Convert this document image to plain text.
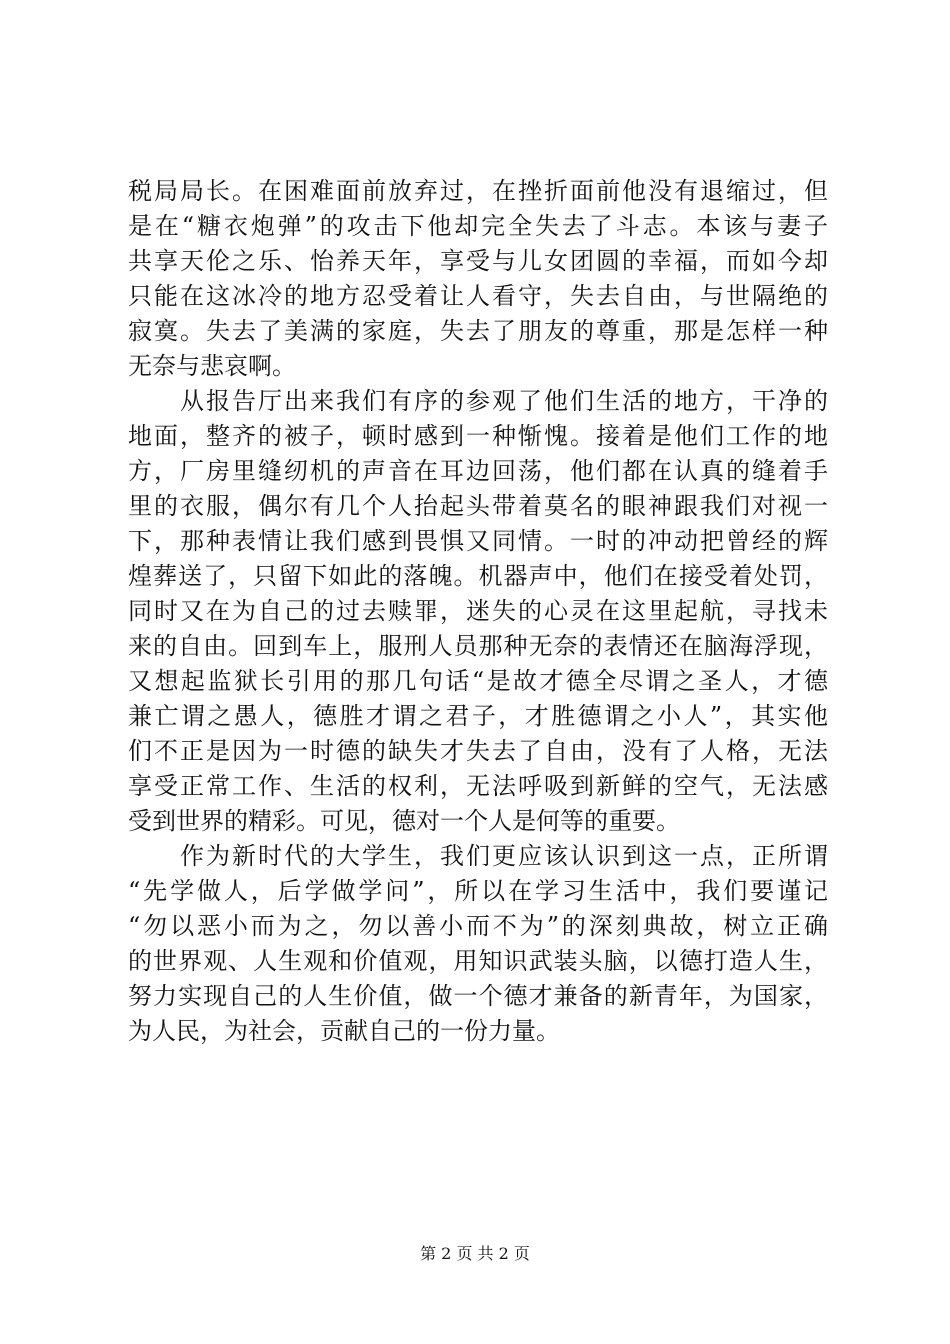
税局局长。在困难面前放弃过，在挫折面前他没有退缩过，但
是在“糖衣炮弹”的攻击下他却完全失去了斗志。本该与妻子
共享天伦之乐、怡养天年，享受与儿女团圆的幸福，而如今却
只能在这冰冷的地方忍受着让人看守，失去自由，与世隔绝的
寂寞。失去了美满的家庭，失去了朋友的尊重，那是怎样一种
无奈与悲哀啊。
　　从报告厅出来我们有序的参观了他们生活的地方，干净的
地面，整齐的被子，顿时感到一种惭愧。接着是他们工作的地
方，厂房里缝纫机的声音在耳边回荡，他们都在认真的缝着手
里的衣服，偶尔有几个人抬起头带着莫名的眼神跟我们对视一
下，那种表情让我们感到畏惧又同情。一时的冲动把曾经的辉
煌葬送了，只留下如此的落魄。机器声中，他们在接受着处罚，
同时又在为自己的过去赎罪，迷失的心灵在这里起航，寻找未
来的自由。回到车上，服刑人员那种无奈的表情还在脑海浮现，
又想起监狱长引用的那几句话“是故才德全尽谓之圣人，才德
兼亡谓之愚人，德胜才谓之君子，才胜德谓之小人”，其实他
们不正是因为一时德的缺失才失去了自由，没有了人格，无法
享受正常工作、生活的权利，无法呼吸到新鲜的空气，无法感
受到世界的精彩。可见，德对一个人是何等的重要。
　　作为新时代的大学生，我们更应该认识到这一点，正所谓
“先学做人，后学做学问”，所以在学习生活中，我们要谨记
“勿以恶小而为之，勿以善小而不为”的深刻典故，树立正确
的世界观、人生观和价值观，用知识武装头脑，以德打造人生，
努力实现自己的人生价值，做一个德才兼备的新青年，为国家，
为人民，为社会，贡献自己的一份力量。
第 2 页 共 2 页
